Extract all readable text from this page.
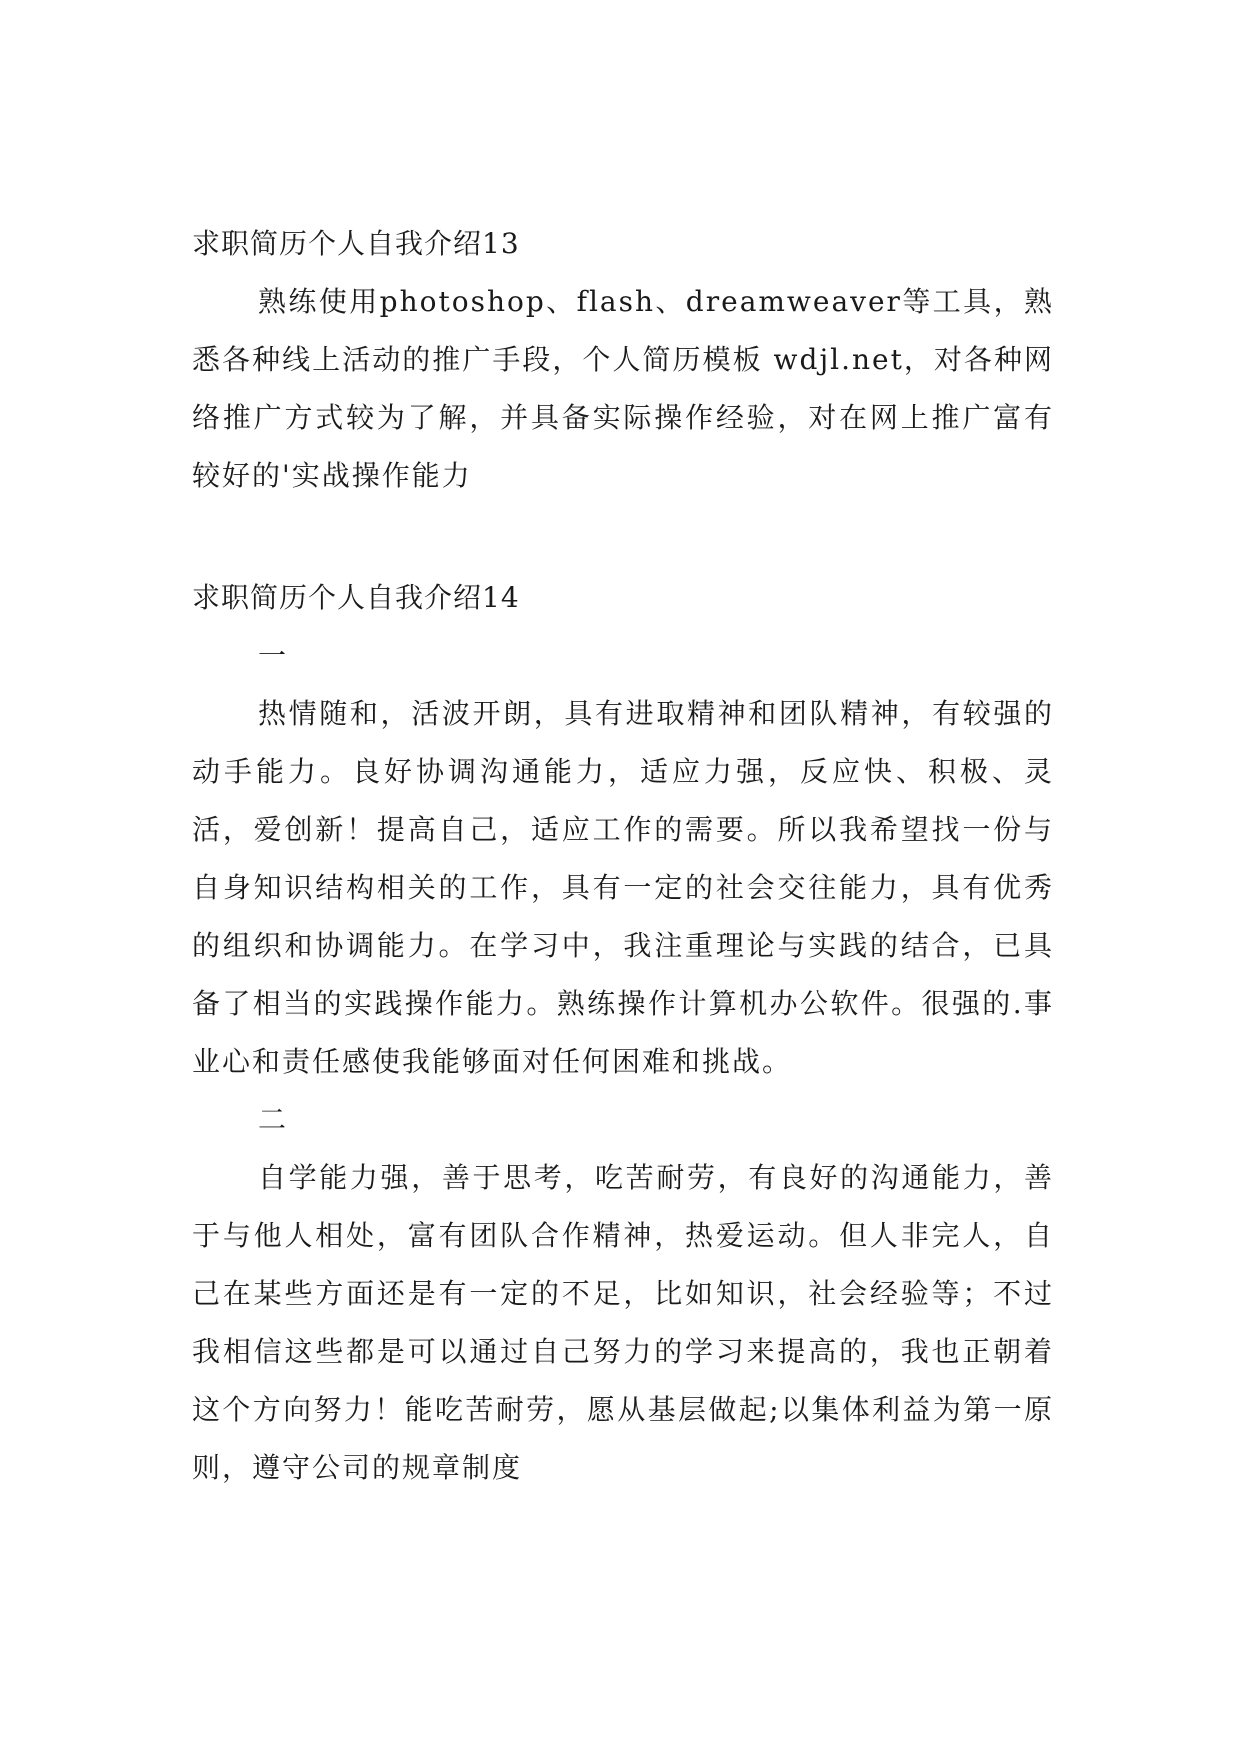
求职简历个人自我介绍13

熟练使用photoshop、flash、dreamweaver等工具，熟悉各种线上活动的推广手段，个人简历模板 wdjl.net，对各种网络推广方式较为了解，并具备实际操作经验，对在网上推广富有较好的'实战操作能力

求职简历个人自我介绍14
一

热情随和，活波开朗，具有进取精神和团队精神，有较强的动手能力。良好协调沟通能力，适应力强，反应快、积极、灵活，爱创新！提高自己，适应工作的需要。所以我希望找一份与自身知识结构相关的工作，具有一定的社会交往能力，具有优秀的组织和协调能力。在学习中，我注重理论与实践的结合，已具备了相当的实践操作能力。熟练操作计算机办公软件。很强的.事业心和责任感使我能够面对任何困难和挑战。

二

自学能力强，善于思考，吃苦耐劳，有良好的沟通能力，善于与他人相处，富有团队合作精神，热爱运动。但人非完人，自己在某些方面还是有一定的不足，比如知识，社会经验等；不过我相信这些都是可以通过自己努力的学习来提高的，我也正朝着这个方向努力！能吃苦耐劳，愿从基层做起;以集体利益为第一原则，遵守公司的规章制度
